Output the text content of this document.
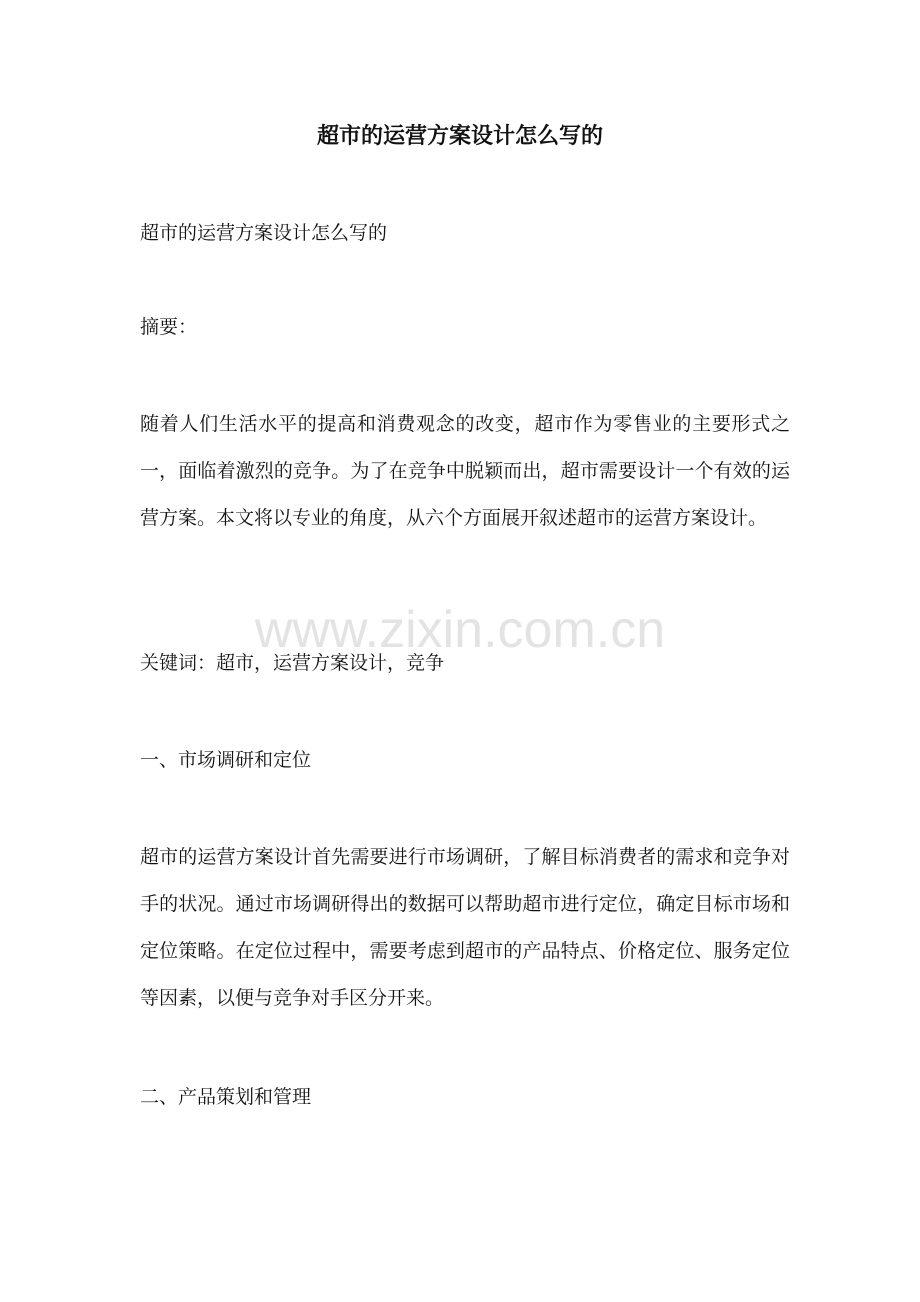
www.zixin.com.cn
超市的运营方案设计怎么写的
超市的运营方案设计怎么写的
摘要：
随着人们生活水平的提高和消费观念的改变，超市作为零售业的主要形式之一，面临着激烈的竞争。为了在竞争中脱颖而出，超市需要设计一个有效的运营方案。本文将以专业的角度，从六个方面展开叙述超市的运营方案设计。
关键词：超市，运营方案设计，竞争
一、市场调研和定位
超市的运营方案设计首先需要进行市场调研，了解目标消费者的需求和竞争对手的状况。通过市场调研得出的数据可以帮助超市进行定位，确定目标市场和定位策略。在定位过程中，需要考虑到超市的产品特点、价格定位、服务定位等因素，以便与竞争对手区分开来。
二、产品策划和管理
